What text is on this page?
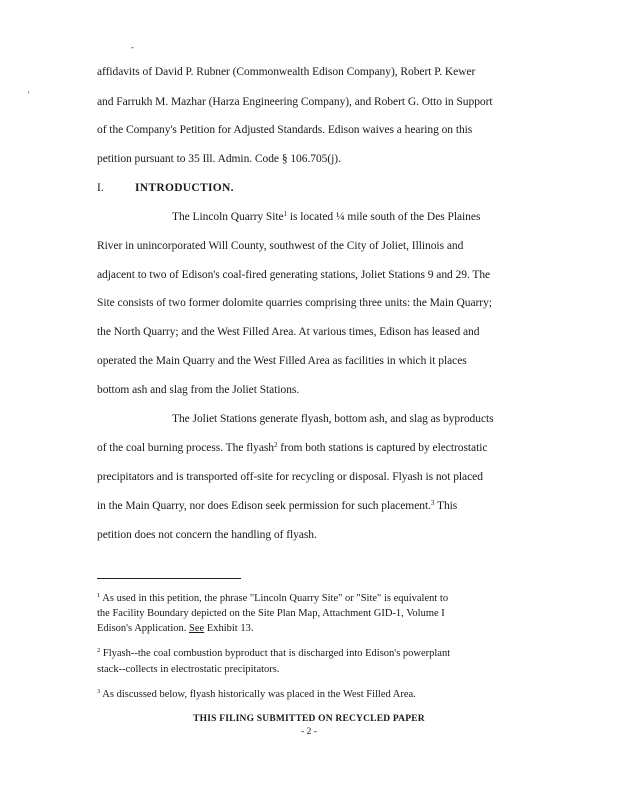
-
'
affidavits of David P. Rubner (Commonwealth Edison Company), Robert P. Kewer
and Farrukh M. Mazhar (Harza Engineering Company), and Robert G. Otto in Support
of the Company's Petition for Adjusted Standards. Edison waives a hearing on this
petition pursuant to 35 Ill. Admin. Code § 106.705(j).
I.	INTRODUCTION.
The Lincoln Quarry Site$^1$ is located ¼ mile south of the Des Plaines
River in unincorporated Will County, southwest of the City of Joliet, Illinois and
adjacent to two of Edison's coal-fired generating stations, Joliet Stations 9 and 29. The
Site consists of two former dolomite quarries comprising three units: the Main Quarry;
the North Quarry; and the West Filled Area. At various times, Edison has leased and
operated the Main Quarry and the West Filled Area as facilities in which it places
bottom ash and slag from the Joliet Stations.
The Joliet Stations generate flyash, bottom ash, and slag as byproducts
of the coal burning process. The flyash$^2$ from both stations is captured by electrostatic
precipitators and is transported off-site for recycling or disposal. Flyash is not placed
in the Main Quarry, nor does Edison seek permission for such placement.$^3$ This
petition does not concern the handling of flyash.
$^1$ As used in this petition, the phrase "Lincoln Quarry Site" or "Site" is equivalent to
the Facility Boundary depicted on the Site Plan Map, Attachment GID-1, Volume I
Edison's Application. See Exhibit 13.
$^2$ Flyash--the coal combustion byproduct that is discharged into Edison's powerplant
stack--collects in electrostatic precipitators.
$^3$ As discussed below, flyash historically was placed in the West Filled Area.
THIS FILING SUBMITTED ON RECYCLED PAPER
- 2 -
